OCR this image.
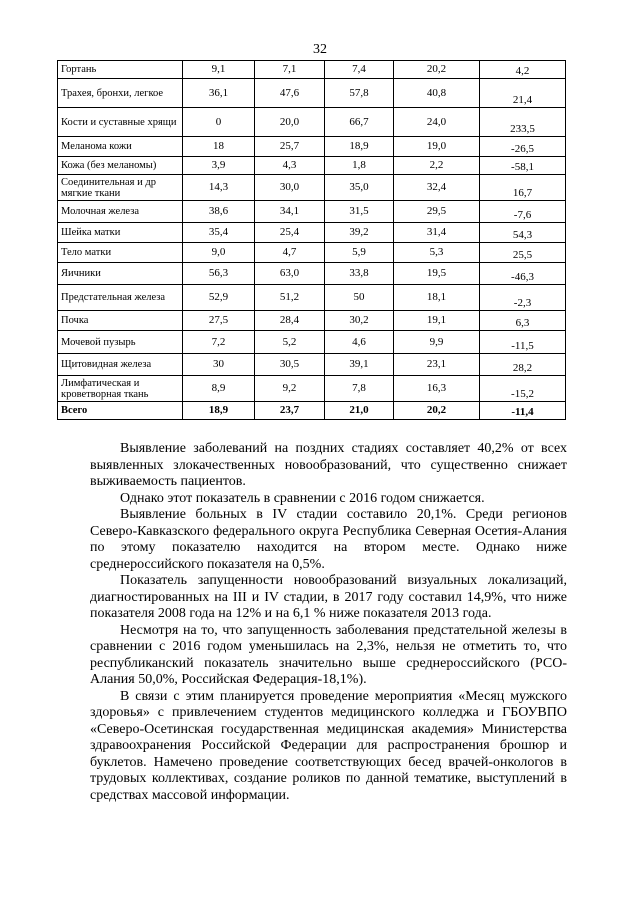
32
Гортань	9,1	7,1	7,4	20,2	4,2
Трахея, бронхи, легкое	36,1	47,6	57,8	40,8	21,4
Кости и суставные хрящи	0	20,0	66,7	24,0	233,5
Меланома кожи	18	25,7	18,9	19,0	-26,5
Кожа (без меланомы)	3,9	4,3	1,8	2,2	-58,1
Соединительная и др мягкие ткани	14,3	30,0	35,0	32,4	16,7
Молочная железа	38,6	34,1	31,5	29,5	-7,6
Шейка матки	35,4	25,4	39,2	31,4	54,3
Тело матки	9,0	4,7	5,9	5,3	25,5
Яичники	56,3	63,0	33,8	19,5	-46,3
Предстательная железа	52,9	51,2	50	18,1	-2,3
Почка	27,5	28,4	30,2	19,1	6,3
Мочевой пузырь	7,2	5,2	4,6	9,9	-11,5
Щитовидная железа	30	30,5	39,1	23,1	28,2
Лимфатическая и кроветворная ткань	8,9	9,2	7,8	16,3	-15,2
Всего	18,9	23,7	21,0	20,2	-11,4

Выявление заболеваний на поздних стадиях составляет 40,2% от всех выявленных злокачественных новообразований, что существенно снижает выживаемость пациентов.

Однако этот показатель в сравнении с 2016 годом снижается.

Выявление больных в IV стадии составило 20,1%. Среди регионов Северо-Кавказского федерального округа Республика Северная Осетия-Алания по этому показателю находится на втором месте. Однако ниже среднероссийского показателя на 0,5%.

Показатель запущенности новообразований визуальных локализаций, диагностированных на III и IV стадии, в 2017 году составил 14,9%, что ниже показателя 2008 года на 12% и на 6,1 % ниже показателя 2013 года.

Несмотря на то, что запущенность заболевания предстательной железы в сравнении с 2016 годом уменьшилась на 2,3%, нельзя не отметить то, что республиканский показатель значительно выше среднероссийского (РСО-Алания 50,0%, Российская Федерация-18,1%).

В связи с этим планируется проведение мероприятия «Месяц мужского здоровья» с привлечением студентов медицинского колледжа и ГБОУВПО «Северо-Осетинская государственная медицинская академия» Министерства здравоохранения Российской Федерации для распространения брошюр и буклетов. Намечено проведение соответствующих бесед врачей-онкологов в трудовых коллективах, создание роликов по данной тематике, выступлений в средствах массовой информации.
